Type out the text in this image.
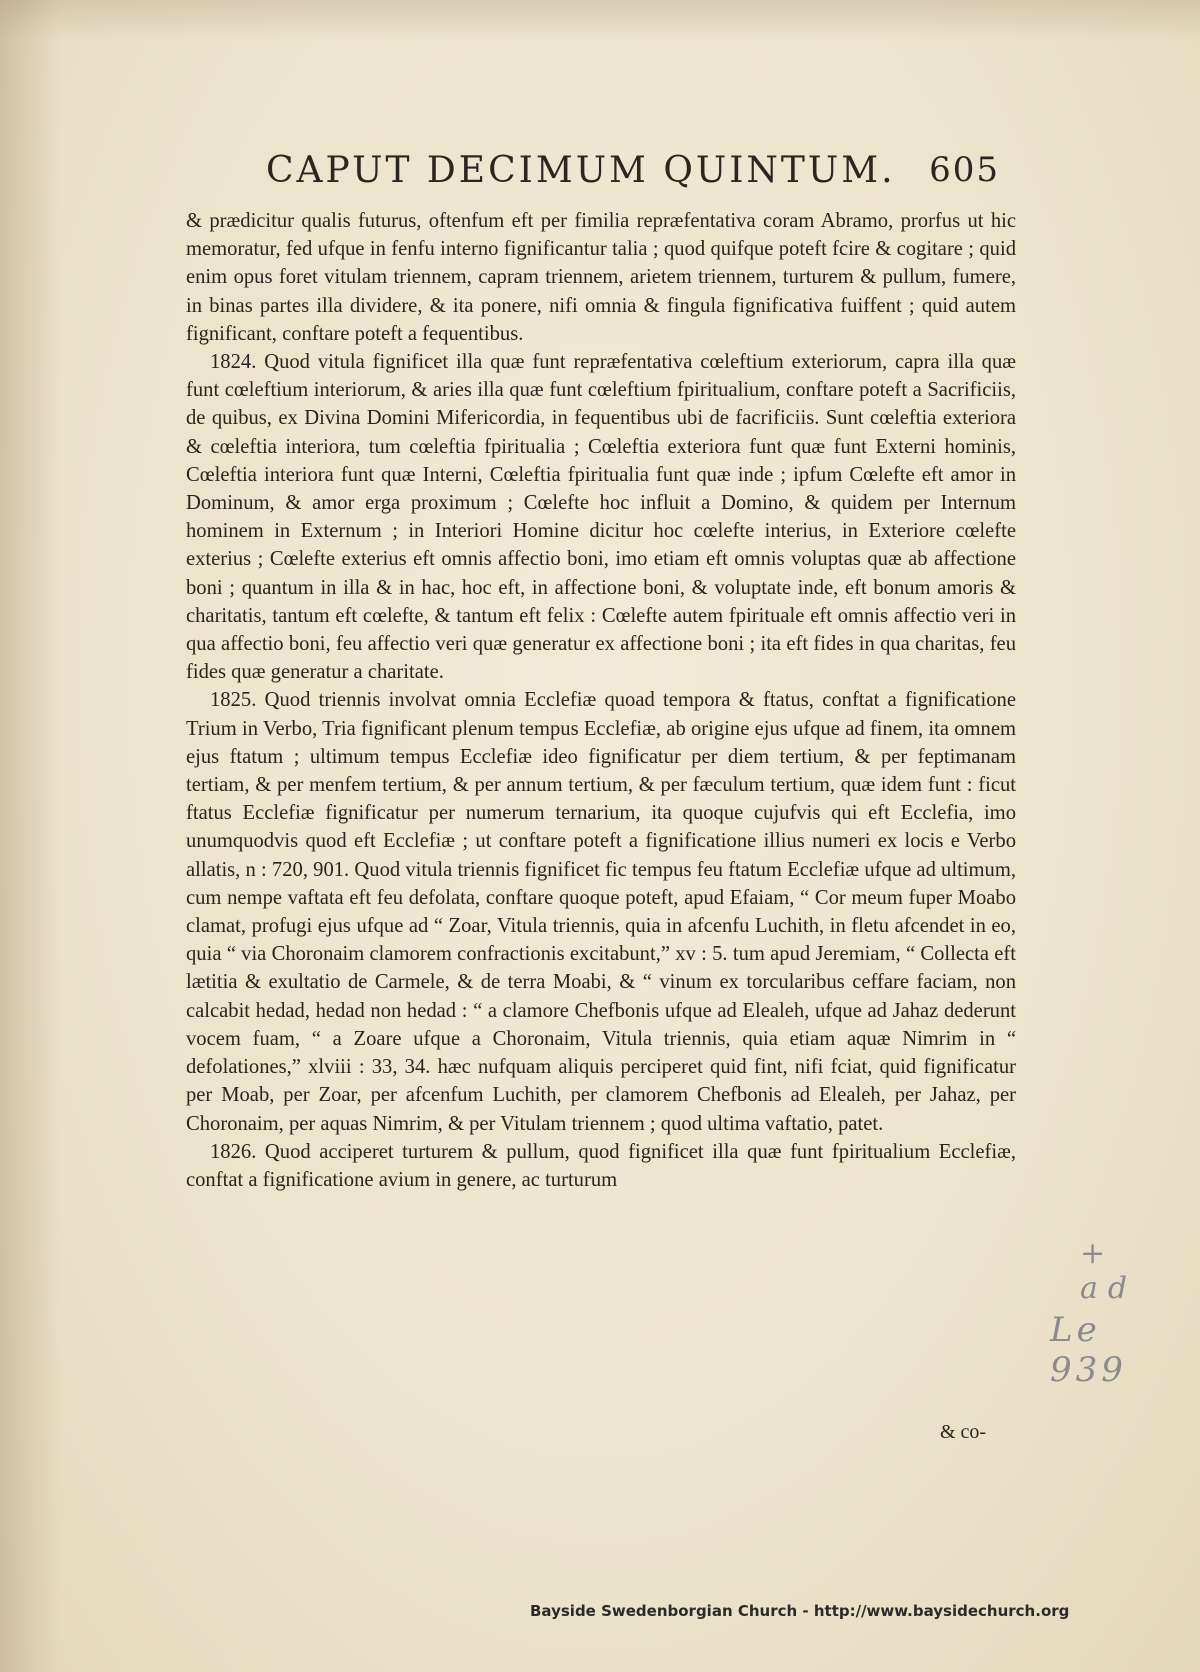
CAPUT DECIMUM QUINTUM. 605

& prædicitur qualis futurus, oftenfum eft per fimilia repræfentativa coram Abramo, prorfus ut hic memoratur, fed ufque in fenfu interno fignificantur talia ; quod quifque poteft fcire & cogitare ; quid enim opus foret vitulam triennem, capram triennem, arietem triennem, turturem & pullum, fumere, in binas partes illa dividere, & ita ponere, nifi omnia & fingula fignificativa fuiffent ; quid autem fignificant, conftare poteft a fequentibus.

1824. Quod vitula fignificet illa quæ funt repræfentativa cœleftium exteriorum, capra illa quæ funt cœleftium interiorum, & aries illa quæ funt cœleftium fpiritualium, conftare poteft a Sacrificiis, de quibus, ex Divina Domini Mifericordia, in fequentibus ubi de facrificiis. Sunt cœleftia exteriora & cœleftia interiora, tum cœleftia fpiritualia ; Cœleftia exteriora funt quæ funt Externi hominis, Cœleftia interiora funt quæ Interni, Cœleftia fpiritualia funt quæ inde ; ipfum Cœlefte eft amor in Dominum, & amor erga proximum ; Cœlefte hoc influit a Domino, & quidem per Internum hominem in Externum ; in Interiori Homine dicitur hoc cœlefte interius, in Exteriore cœlefte exterius ; Cœlefte exterius eft omnis affectio boni, imo etiam eft omnis voluptas quæ ab affectione boni ; quantum in illa & in hac, hoc eft, in affectione boni, & voluptate inde, eft bonum amoris & charitatis, tantum eft cœlefte, & tantum eft felix : Cœlefte autem fpirituale eft omnis affectio veri in qua affectio boni, feu affectio veri quæ generatur ex affectione boni ; ita eft fides in qua charitas, feu fides quæ generatur a charitate.

1825. Quod triennis involvat omnia Ecclefiæ quoad tempora & ftatus, conftat a fignificatione Trium in Verbo, Tria fignificant plenum tempus Ecclefiæ, ab origine ejus ufque ad finem, ita omnem ejus ftatum ; ultimum tempus Ecclefiæ ideo fignificatur per diem tertium, & per feptimanam tertiam, & per menfem tertium, & per annum tertium, & per fæculum tertium, quæ idem funt : ficut ftatus Ecclefiæ fignificatur per numerum ternarium, ita quoque cujufvis qui eft Ecclefia, imo unumquodvis quod eft Ecclefiæ ; ut conftare poteft a fignificatione illius numeri ex locis e Verbo allatis, n : 720, 901. Quod vitula triennis fignificet fic tempus feu ftatum Ecclefiæ ufque ad ultimum, cum nempe vaftata eft feu defolata, conftare quoque poteft, apud Efaiam, “ Cor meum fuper Moabo clamat, profugi ejus ufque ad “ Zoar, Vitula triennis, quia in afcenfu Luchith, in fletu afcendet in eo, quia “ via Choronaim clamorem confractionis excitabunt,” xv : 5. tum apud Jeremiam, “ Collecta eft lætitia & exultatio de Carmele, & de terra Moabi, & “ vinum ex torcularibus ceffare faciam, non calcabit hedad, hedad non hedad : “ a clamore Chefbonis ufque ad Elealeh, ufque ad Jahaz dederunt vocem fuam, “ a Zoare ufque a Choronaim, Vitula triennis, quia etiam aquæ Nimrim in “ defolationes,” xlviii : 33, 34. hæc nufquam aliquis perciperet quid fint, nifi fciat, quid fignificatur per Moab, per Zoar, per afcenfum Luchith, per clamorem Chefbonis ad Elealeh, per Jahaz, per Choronaim, per aquas Nimrim, & per Vitulam triennem ; quod ultima vaftatio, patet.

1826. Quod acciperet turturem & pullum, quod fignificet illa quæ funt fpiritualium Ecclefiæ, conftat a fignificatione avium in genere, ac turturum

& co-
+ ad
Le 939
Bayside Swedenborgian Church - http://www.baysidechurch.org
